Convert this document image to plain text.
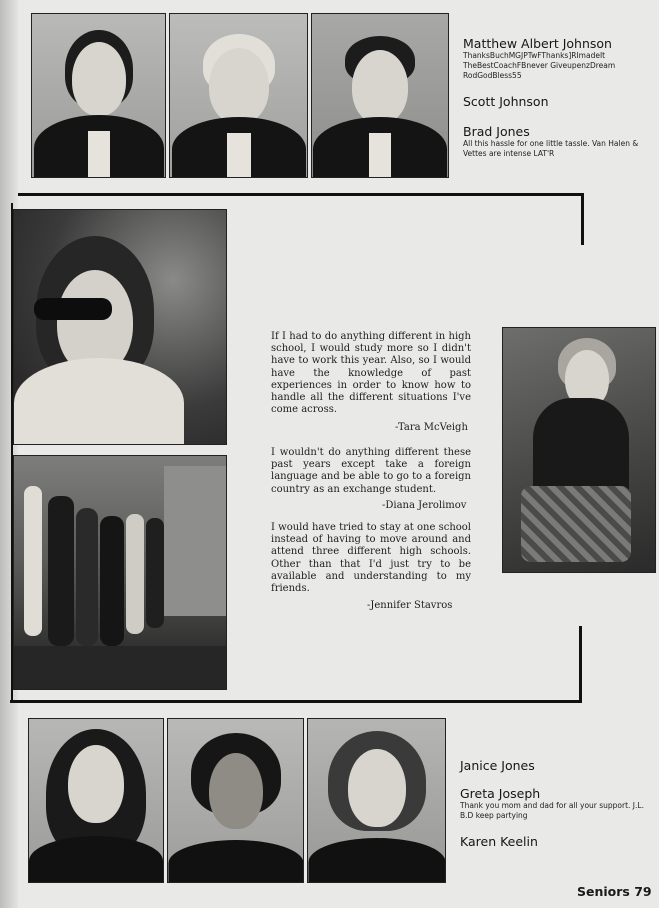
Matthew Albert Johnson
ThanksBuchMGJPTwFThanks]RImadeIt TheBestCoachFBnever GiveupenzDream RodGodBless55
Scott Johnson
Brad Jones
All this hassle for one little tassle. Van Halen & Vettes are intense LAT'R
If I had to do anything different in high school, I would study more so I didn't have to work this year. Also, so I would have the knowledge of past experiences in order to know how to handle all the different situations I've come across.
-Tara McVeigh
I wouldn't do anything different these past years except take a foreign language and be able to go to a foreign country as an exchange student.
-Diana Jerolimov
I would have tried to stay at one school instead of having to move around and attend three different high schools. Other than that I'd just try to be available and understanding to my friends.
-Jennifer Stavros
Janice Jones
Greta Joseph
Thank you mom and dad for all your support. J.L. B.D keep partying
Karen Keelin
Seniors 79
